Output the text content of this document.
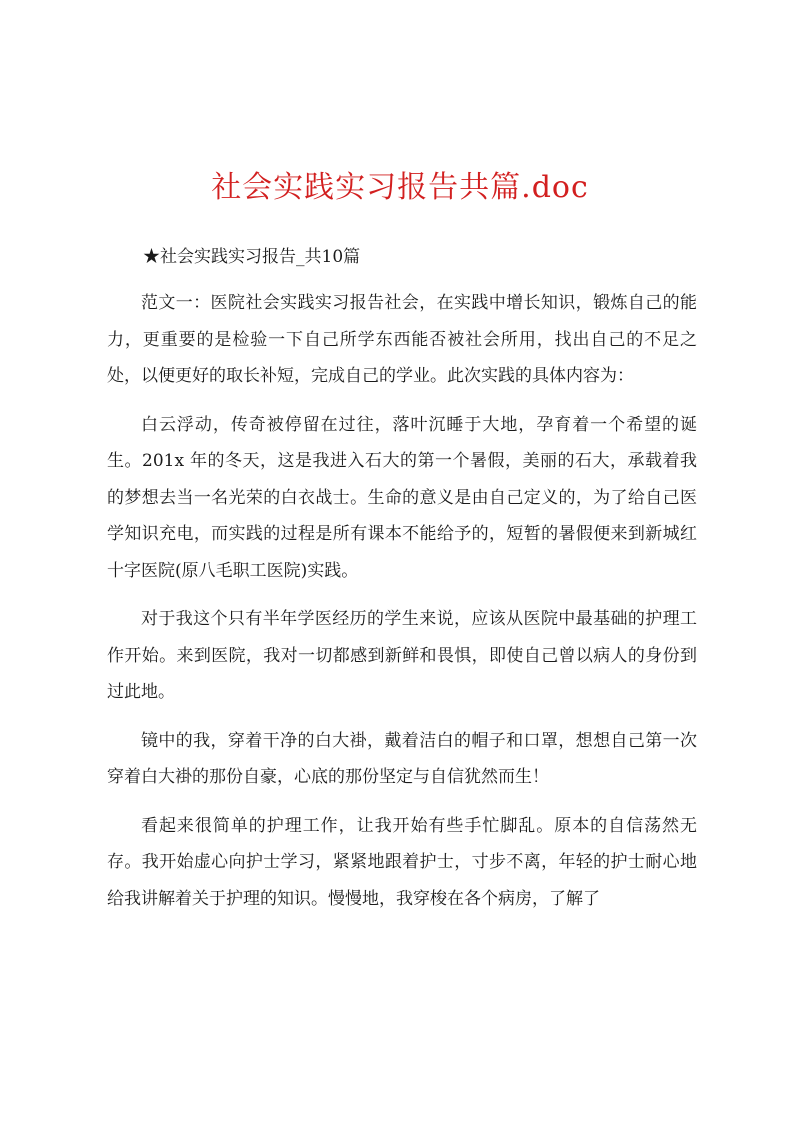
社会实践实习报告共篇.doc
★社会实践实习报告_共10篇

范文一：医院社会实践实习报告社会，在实践中增长知识，锻炼自己的能力，更重要的是检验一下自己所学东西能否被社会所用，找出自己的不足之处，以便更好的取长补短，完成自己的学业。此次实践的具体内容为：

白云浮动，传奇被停留在过往，落叶沉睡于大地，孕育着一个希望的诞生。201x 年的冬天，这是我进入石大的第一个暑假，美丽的石大，承载着我的梦想去当一名光荣的白衣战士。生命的意义是由自己定义的，为了给自己医学知识充电，而实践的过程是所有课本不能给予的，短暂的暑假便来到新城红十字医院(原八毛职工医院)实践。

对于我这个只有半年学医经历的学生来说，应该从医院中最基础的护理工作开始。来到医院，我对一切都感到新鲜和畏惧，即使自己曾以病人的身份到过此地。

镜中的我，穿着干净的白大褂，戴着洁白的帽子和口罩，想想自己第一次穿着白大褂的那份自豪，心底的那份坚定与自信犹然而生！

看起来很简单的护理工作，让我开始有些手忙脚乱。原本的自信荡然无存。我开始虚心向护士学习，紧紧地跟着护士，寸步不离，年轻的护士耐心地给我讲解着关于护理的知识。慢慢地，我穿梭在各个病房，了解了
